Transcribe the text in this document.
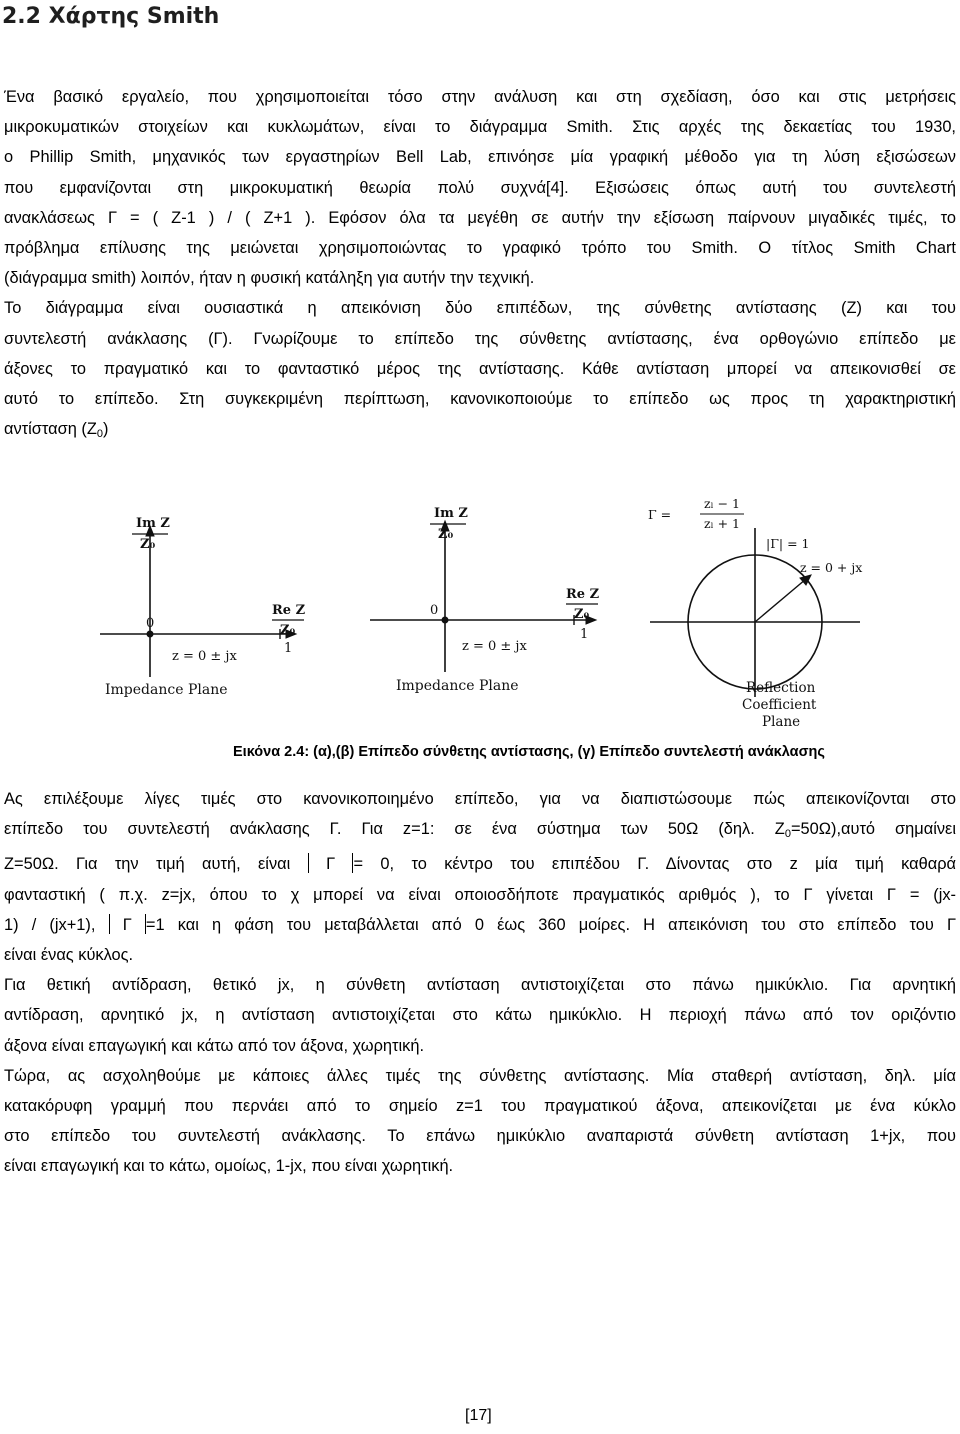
2.2 Χάρτης Smith
Ένα βασικό εργαλείο, που χρησιμοποιείται τόσο στην ανάλυση και στη σχεδίαση, όσο και στις μετρήσεις
μικροκυματικών στοιχείων και κυκλωμάτων, είναι το διάγραμμα Smith. Στις αρχές της δεκαετίας του 1930,
ο Phillip Smith, μηχανικός των εργαστηρίων Bell Lab, επινόησε μία γραφική μέθοδο για τη λύση εξισώσεων
που εμφανίζονται στη μικροκυματική θεωρία πολύ συχνά[4]. Εξισώσεις όπως αυτή του συντελεστή
ανακλάσεως Γ = ( Z-1 ) / ( Z+1 ). Εφόσον όλα τα μεγέθη σε αυτήν την εξίσωση παίρνουν μιγαδικές τιμές, το
πρόβλημα επίλυσης της μειώνεται χρησιμοποιώντας το γραφικό τρόπο του Smith. Ο τίτλος Smith Chart
(διάγραμμα smith) λοιπόν, ήταν η φυσική κατάληξη για αυτήν την τεχνική.
Το διάγραμμα είναι ουσιαστικά η απεικόνιση δύο επιπέδων, της σύνθετης αντίστασης (Z) και του
συντελεστή ανάκλασης (Γ). Γνωρίζουμε το επίπεδο της σύνθετης αντίστασης, ένα ορθογώνιο επίπεδο με
άξονες το πραγματικό και το φανταστικό μέρος της αντίστασης. Κάθε αντίσταση μπορεί να απεικονισθεί σε
αυτό το επίπεδο. Στη συγκεκριμένη περίπτωση, κανονικοποιούμε το επίπεδο ως προς τη χαρακτηριστική
αντίσταση $(Z_0)$
Im Z
Z₀
Re Z
Z₀
0
1
z = 0 ± jx
Impedance Plane
Im Z
Z₀
Re Z
Z₀
0
1
z = 0 ± jx
Impedance Plane
Γ =
zₗ − 1
zₗ + 1
|Γ| = 1
z = 0 + jx
Reflection
Coefficient
Plane
Εικόνα 2.4: (α),(β) Επίπεδο σύνθετης αντίστασης, (γ) Επίπεδο συντελεστή ανάκλασης
Ας επιλέξουμε λίγες τιμές στο κανονικοποιημένο επίπεδο, για να διαπιστώσουμε πώς απεικονίζονται στο
επίπεδο του συντελεστή ανάκλασης Γ. Για z=1: σε ένα σύστημα των 50Ω (δηλ. $Z_0=50\Omega),\alpha\upsilon\tau ό$ σημαίνει
Z=50Ω. Για την τιμή αυτή, είναι Γ = 0, το κέντρο του επιπέδου Γ. Δίνοντας στο z μία τιμή καθαρά
φανταστική ( π.χ. z=jx, όπου το χ μπορεί να είναι οποιοσδήποτε πραγματικός αριθμός ), το Γ γίνεται Γ = (jx-
1) / (jx+1), Γ =1 και η φάση του μεταβάλλεται από 0 έως 360 μοίρες. Η απεικόνιση του στο επίπεδο του Γ
είναι ένας κύκλος.
Για θετική αντίδραση, θετικό jx, η σύνθετη αντίσταση αντιστοιχίζεται στο πάνω ημικύκλιο. Για αρνητική
αντίδραση, αρνητικό jx, η αντίσταση αντιστοιχίζεται στο κάτω ημικύκλιο. Η περιοχή πάνω από τον οριζόντιο
άξονα είναι επαγωγική και κάτω από τον άξονα, χωρητική.
Τώρα, ας ασχοληθούμε με κάποιες άλλες τιμές της σύνθετης αντίστασης. Μία σταθερή αντίσταση, δηλ. μία
κατακόρυφη γραμμή που περνάει από το σημείο z=1 του πραγματικού άξονα, απεικονίζεται με ένα κύκλο
στο επίπεδο του συντελεστή ανάκλασης. Το επάνω ημικύκλιο αναπαριστά σύνθετη αντίσταση 1+jx, που
είναι επαγωγική και το κάτω, ομοίως, 1-jx, που είναι χωρητική.
[17]
